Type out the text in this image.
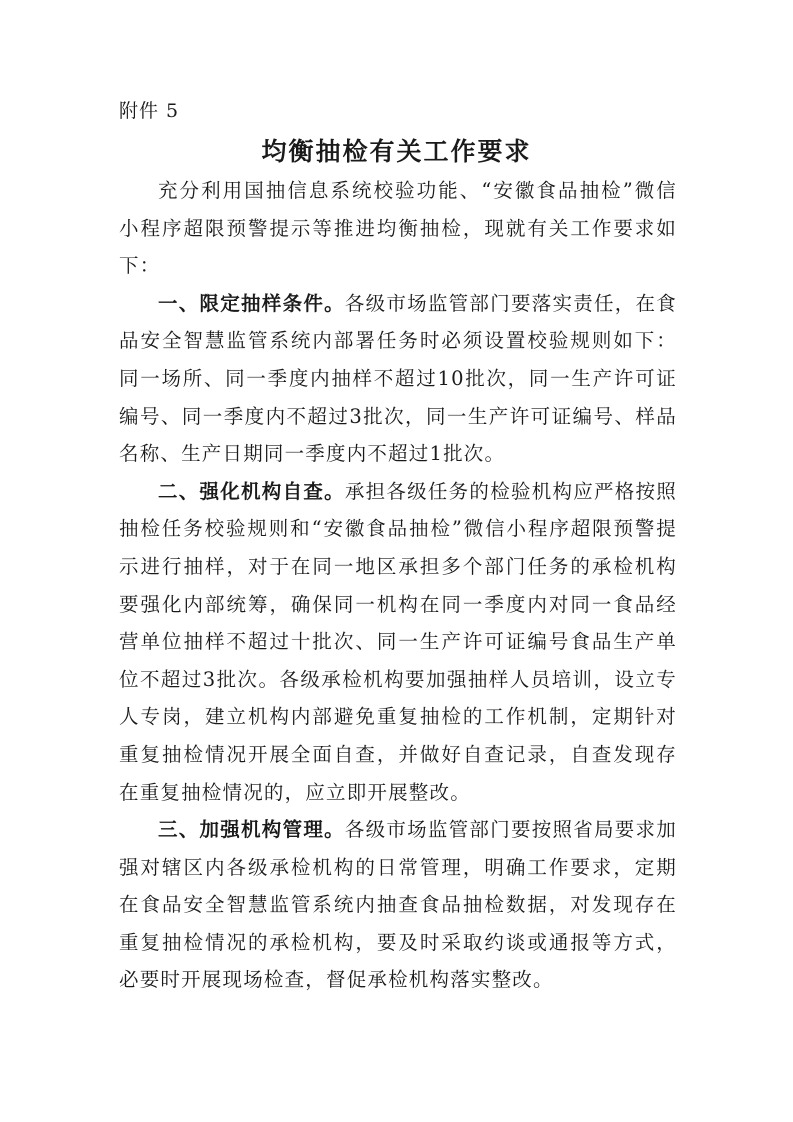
附件 5
均衡抽检有关工作要求

充分利用国抽信息系统校验功能、“安徽食品抽检”微信小程序超限预警提示等推进均衡抽检，现就有关工作要求如下：

一、限定抽样条件。各级市场监管部门要落实责任，在食品安全智慧监管系统内部署任务时必须设置校验规则如下：同一场所、同一季度内抽样不超过10批次，同一生产许可证编号、同一季度内不超过3批次，同一生产许可证编号、样品名称、生产日期同一季度内不超过1批次。

二、强化机构自查。承担各级任务的检验机构应严格按照抽检任务校验规则和“安徽食品抽检”微信小程序超限预警提示进行抽样，对于在同一地区承担多个部门任务的承检机构要强化内部统筹，确保同一机构在同一季度内对同一食品经营单位抽样不超过十批次、同一生产许可证编号食品生产单位不超过3批次。各级承检机构要加强抽样人员培训，设立专人专岗，建立机构内部避免重复抽检的工作机制，定期针对重复抽检情况开展全面自查，并做好自查记录，自查发现存在重复抽检情况的，应立即开展整改。

三、加强机构管理。各级市场监管部门要按照省局要求加强对辖区内各级承检机构的日常管理，明确工作要求，定期在食品安全智慧监管系统内抽查食品抽检数据，对发现存在重复抽检情况的承检机构，要及时采取约谈或通报等方式，必要时开展现场检查，督促承检机构落实整改。
